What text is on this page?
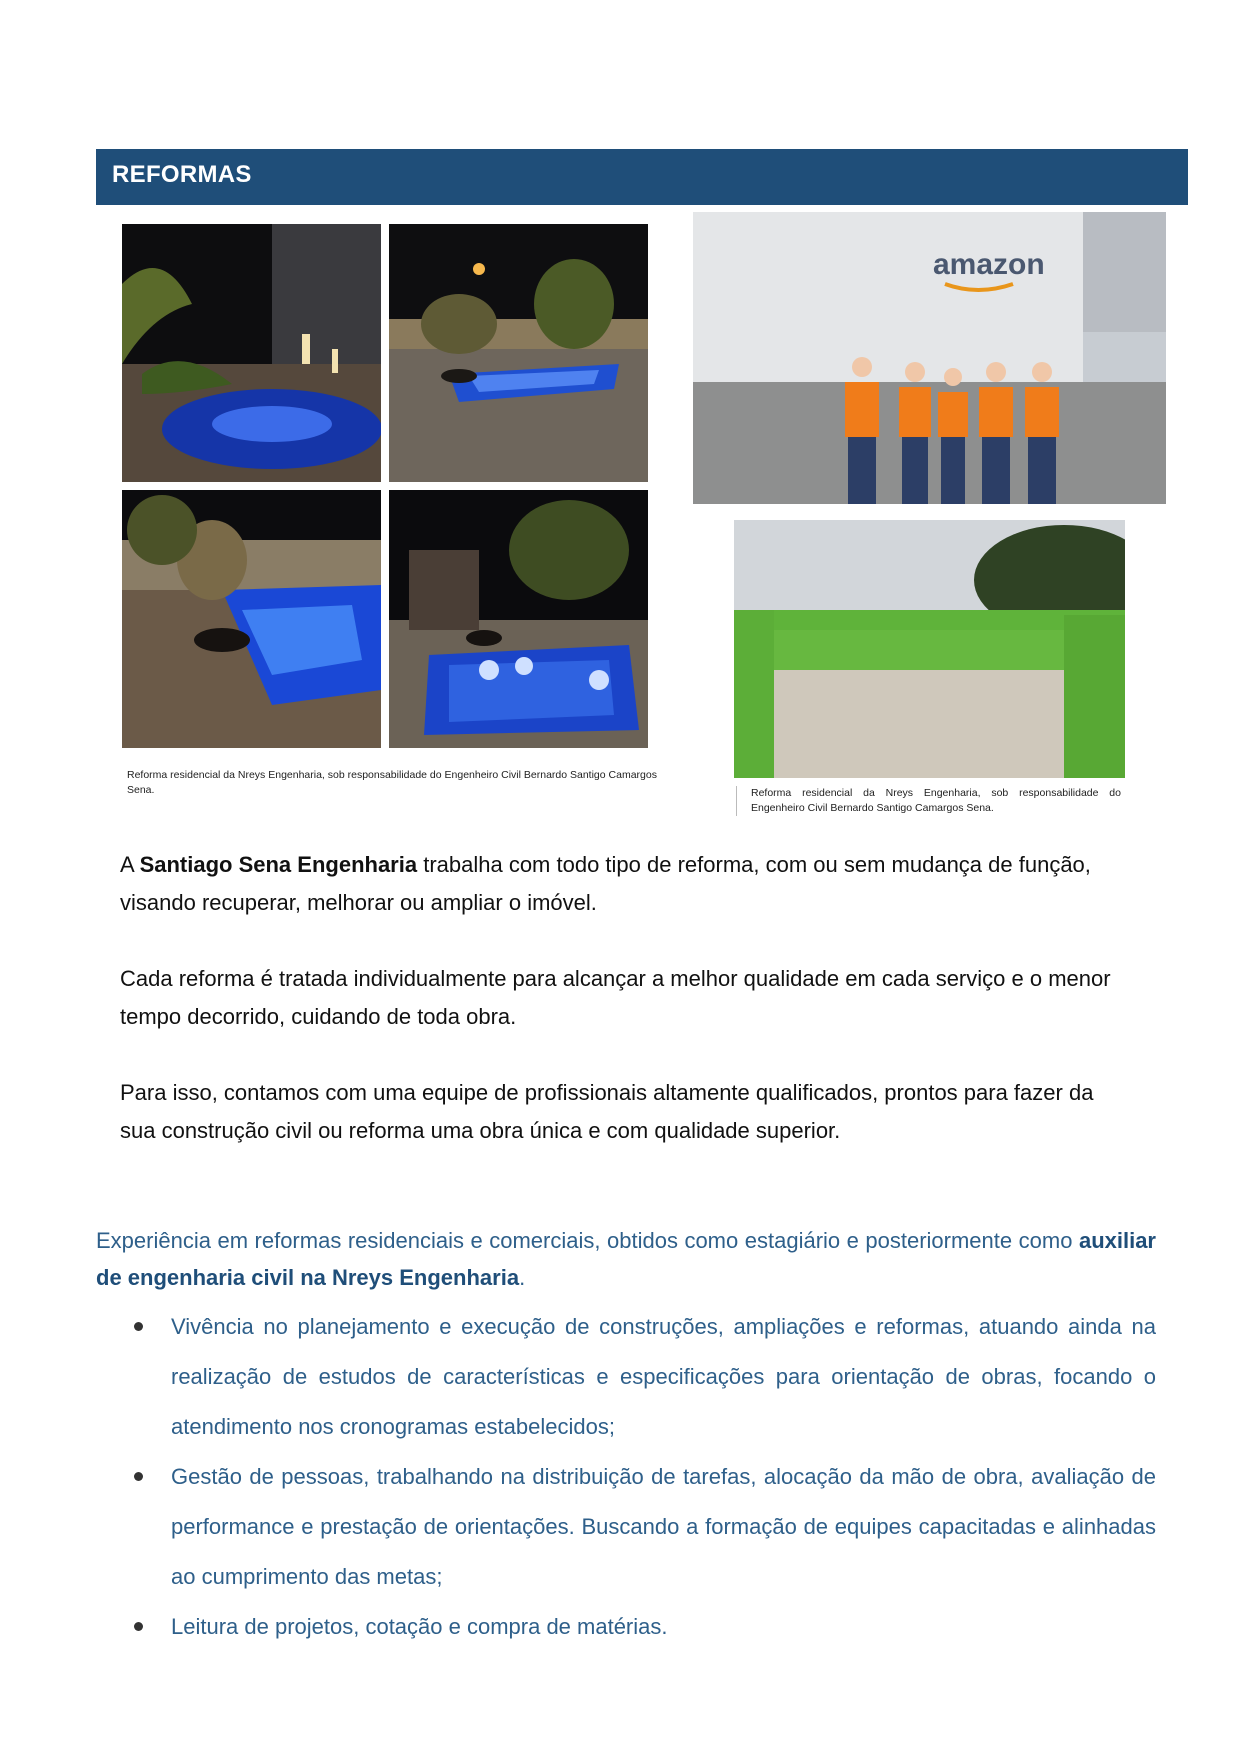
REFORMAS
amazon
Reforma residencial da Nreys Engenharia, sob responsabilidade do Engenheiro Civil Bernardo Santigo Camargos Sena.	Reforma residencial da Nreys Engenharia, sob responsabilidade do Engenheiro Civil Bernardo Santigo Camargos Sena.

A Santiago Sena Engenharia trabalha com todo tipo de reforma, com ou sem mudança de função, visando recuperar, melhorar ou ampliar o imóvel.

Cada reforma é tratada individualmente para alcançar a melhor qualidade em cada serviço e o menor tempo decorrido, cuidando de toda obra.

Para isso, contamos com uma equipe de profissionais altamente qualificados, prontos para fazer da sua construção civil ou reforma uma obra única e com qualidade superior.

Experiência em reformas residenciais e comerciais, obtidos como estagiário e posteriormente como auxiliar de engenharia civil na Nreys Engenharia.

Vivência no planejamento e execução de construções, ampliações e reformas, atuando ainda na realização de estudos de características e especificações para orientação de obras, focando o atendimento nos cronogramas estabelecidos;
Gestão de pessoas, trabalhando na distribuição de tarefas, alocação da mão de obra, avaliação de performance e prestação de orientações. Buscando a formação de equipes capacitadas e alinhadas ao cumprimento das metas;
Leitura de projetos, cotação e compra de matérias.
